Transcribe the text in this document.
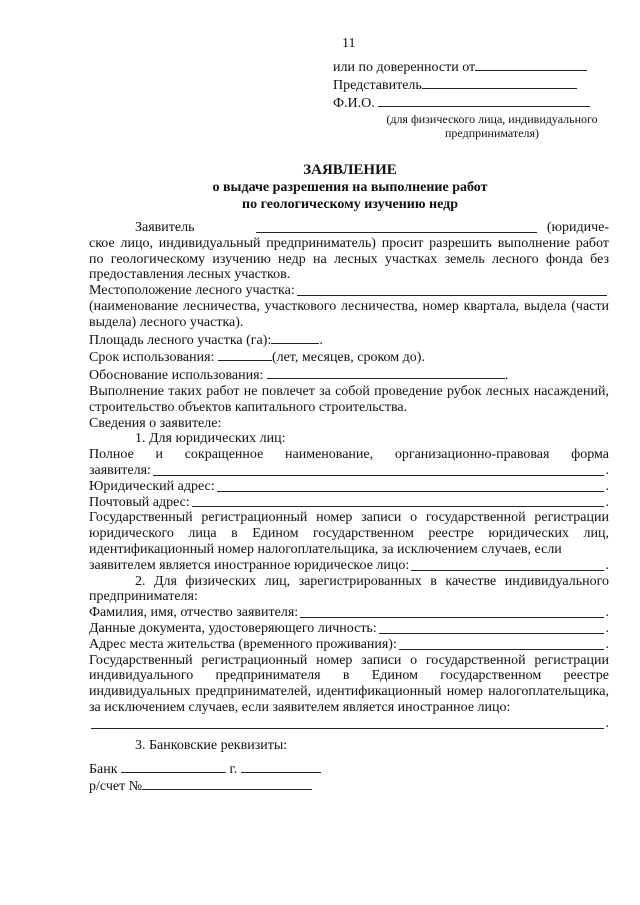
11
или по доверенности от
Представитель
Ф.И.О.
(для физического лица, индивидуального предпринимателя)
ЗАЯВЛЕНИЕ
о выдаче разрешения на выполнение работ
по геологическому изучению недр

Заявитель	(юридиче-

ское лицо, индивидуальный предприниматель) просит разрешить выполнение работ по геологическому изучению недр на лесных участках земель лесного фонда без предоставления лесных участков.

Местоположение лесного участка:

(наименование лесничества, участкового лесничества, номер квартала, выдела (части выдела) лесного участка).

Площадь лесного участка (га):	.

Срок использования:	(лет, месяцев, сроком до).

Обоснование использования:	.

Выполнение таких работ не повлечет за собой проведение рубок лесных насаждений, строительство объектов капитального строительства.

Сведения о заявителе:

1. Для юридических лиц:

Полное и сокращенное наименование, организационно-правовая форма

заявителя:	.

Юридический адрес:	.

Почтовый адрес:	.

Государственный регистрационный номер записи о государственной регистрации юридического лица в Едином государственном реестре юридических лиц, идентификационный номер налогоплательщика, за исключением случаев, если

заявителем является иностранное юридическое лицо:	.

2. Для физических лиц, зарегистрированных в качестве индивидуального предпринимателя:

Фамилия, имя, отчество заявителя:	.

Данные документа, удостоверяющего личность:	.

Адрес места жительства (временного проживания):	.

Государственный регистрационный номер записи о государственной регистрации индивидуального предпринимателя в Едином государственном реестре индивидуальных предпринимателей, идентификационный номер налогоплательщика, за исключением случаев, если заявителем является иностранное лицо:

.

3. Банковские реквизиты:

Банк	г.

р/счет №
